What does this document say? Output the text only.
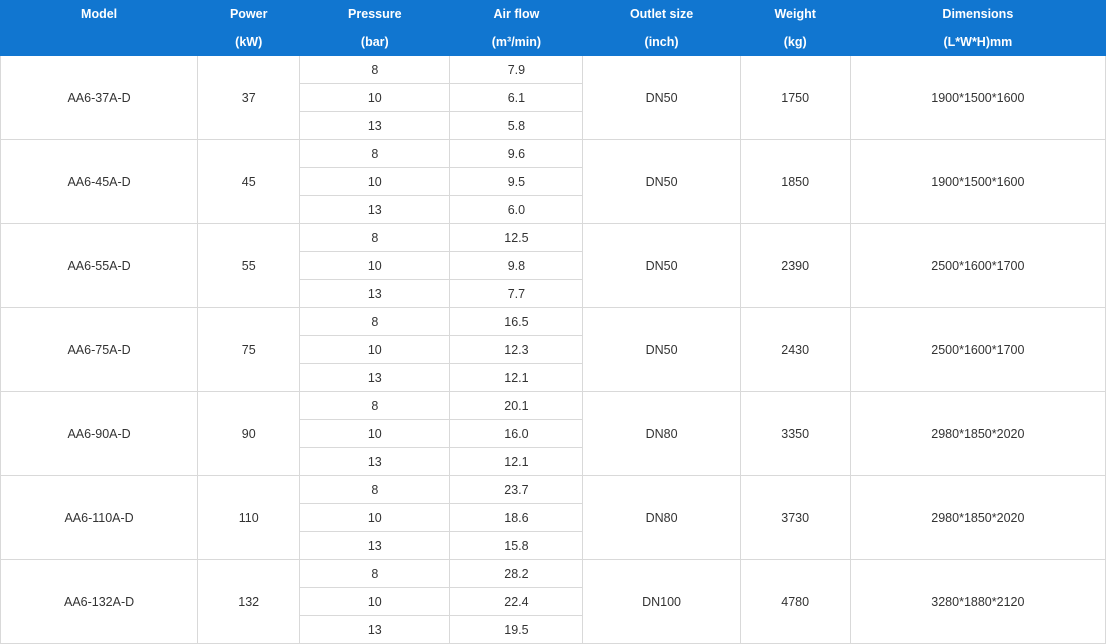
Model	Power	Pressure	Air flow	Outlet size	Weight	Dimensions
	(kW)	(bar)	(m³/min)	(inch)	(kg)	(L*W*H)mm
AA6-37A-D	37	8	7.9	DN50	1750	1900*1500*1600
		10	6.1			
		13	5.8			
AA6-45A-D	45	8	9.6	DN50	1850	1900*1500*1600
		10	9.5			
		13	6.0			
AA6-55A-D	55	8	12.5	DN50	2390	2500*1600*1700
		10	9.8			
		13	7.7			
AA6-75A-D	75	8	16.5	DN50	2430	2500*1600*1700
		10	12.3			
		13	12.1			
AA6-90A-D	90	8	20.1	DN80	3350	2980*1850*2020
		10	16.0			
		13	12.1			
AA6-110A-D	110	8	23.7	DN80	3730	2980*1850*2020
		10	18.6			
		13	15.8			
AA6-132A-D	132	8	28.2	DN100	4780	3280*1880*2120
		10	22.4			
		13	19.5			
